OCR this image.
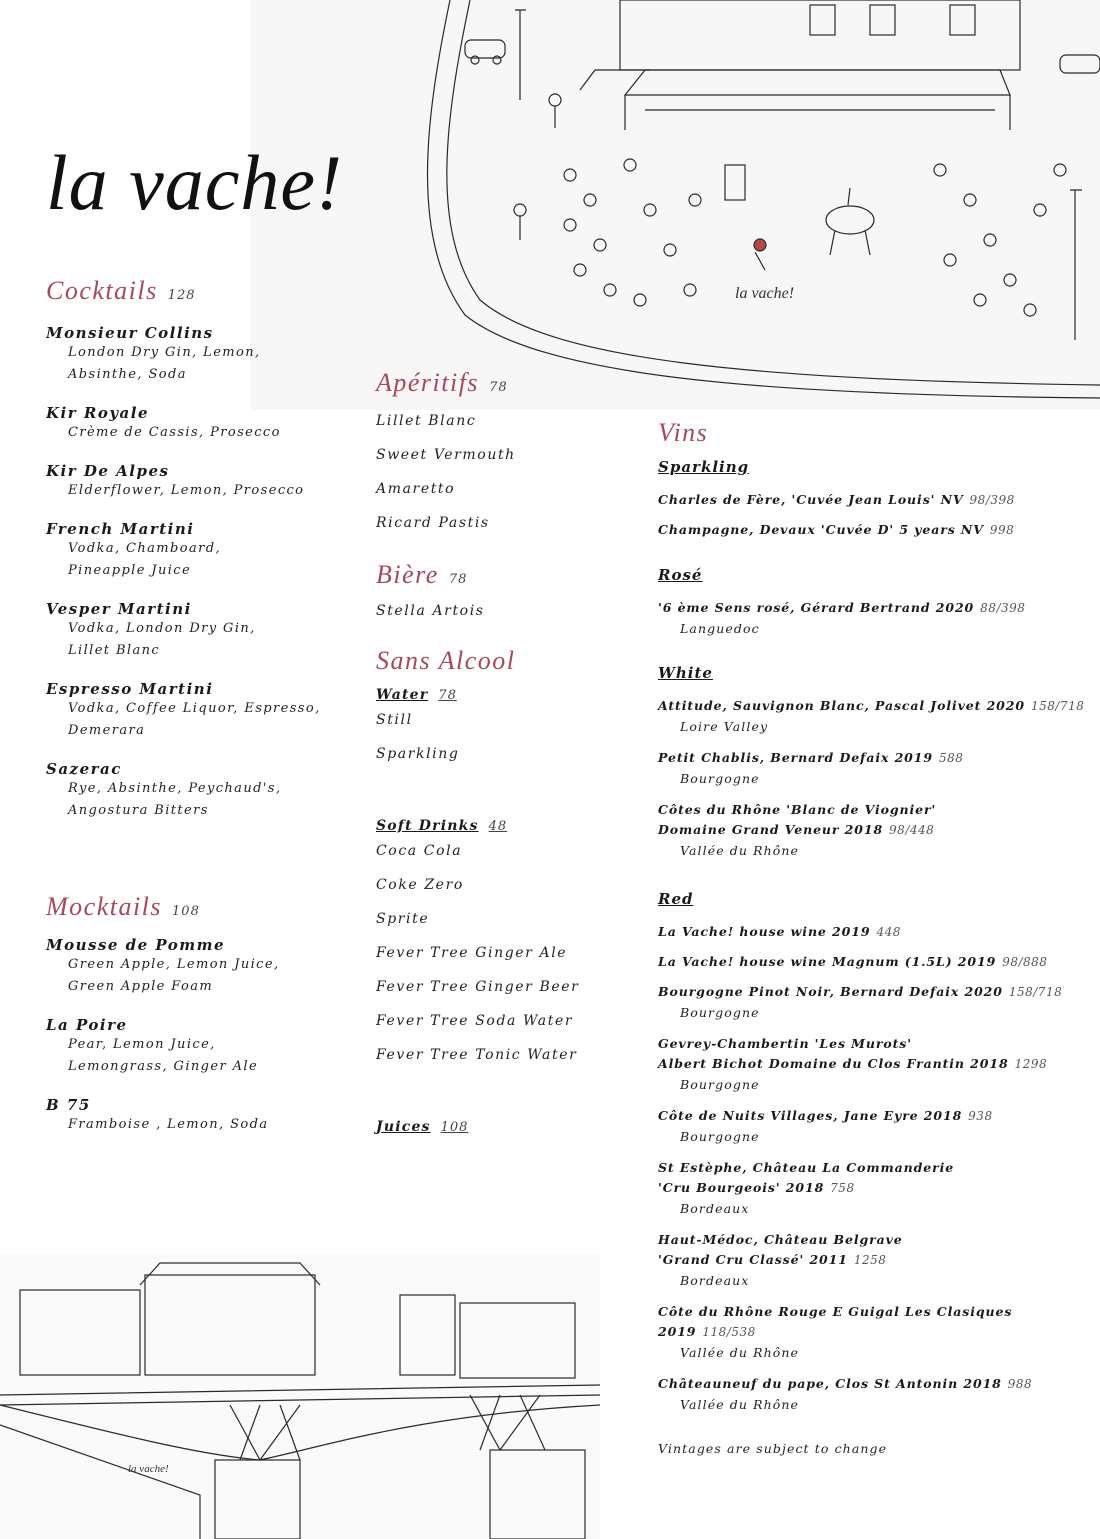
la vache!
la vache!
la vache!
Cocktails 128
Monsieur Collins
London Dry Gin, Lemon,
Absinthe, Soda
Kir Royale
Crème de Cassis, Prosecco
Kir De Alpes
Elderflower, Lemon, Prosecco
French Martini
Vodka, Chamboard,
Pineapple Juice
Vesper Martini
Vodka, London Dry Gin,
Lillet Blanc
Espresso Martini
Vodka, Coffee Liquor, Espresso,
Demerara
Sazerac
Rye, Absinthe, Peychaud's,
Angostura Bitters
Mocktails 108
Mousse de Pomme
Green Apple, Lemon Juice,
Green Apple Foam
La Poire
Pear, Lemon Juice,
Lemongrass, Ginger Ale
B 75
Framboise , Lemon, Soda
Apéritifs 78
Lillet Blanc
Sweet Vermouth
Amaretto
Ricard Pastis
Bière 78
Stella Artois
Sans Alcool
Water 78
Still
Sparkling
Soft Drinks 48
Coca Cola
Coke Zero
Sprite
Fever Tree Ginger Ale
Fever Tree Ginger Beer
Fever Tree Soda Water
Fever Tree Tonic Water
Juices 108
Vins
Sparkling
Charles de Fère, 'Cuvée Jean Louis' NV 98/398
Champagne, Devaux 'Cuvée D' 5 years NV 998
Rosé
'6 ème Sens rosé, Gérard Bertrand 2020 88/398
Languedoc
White
Attitude, Sauvignon Blanc, Pascal Jolivet 2020 158/718
Loire Valley
Petit Chablis, Bernard Defaix 2019 588
Bourgogne
Côtes du Rhône 'Blanc de Viognier'
Domaine Grand Veneur 2018 98/448
Vallée du Rhône
Red
La Vache! house wine 2019 448
La Vache! house wine Magnum (1.5L) 2019 98/888
Bourgogne Pinot Noir, Bernard Defaix 2020 158/718
Bourgogne
Gevrey-Chambertin 'Les Murots'
Albert Bichot Domaine du Clos Frantin 2018 1298
Bourgogne
Côte de Nuits Villages, Jane Eyre 2018 938
Bourgogne
St Estèphe, Château La Commanderie
'Cru Bourgeois' 2018 758
Bordeaux
Haut-Médoc, Château Belgrave
'Grand Cru Classé' 2011 1258
Bordeaux
Côte du Rhône Rouge E Guigal Les Clasiques 2019 118/538
Vallée du Rhône
Châteauneuf du pape, Clos St Antonin 2018 988
Vallée du Rhône
Vintages are subject to change
